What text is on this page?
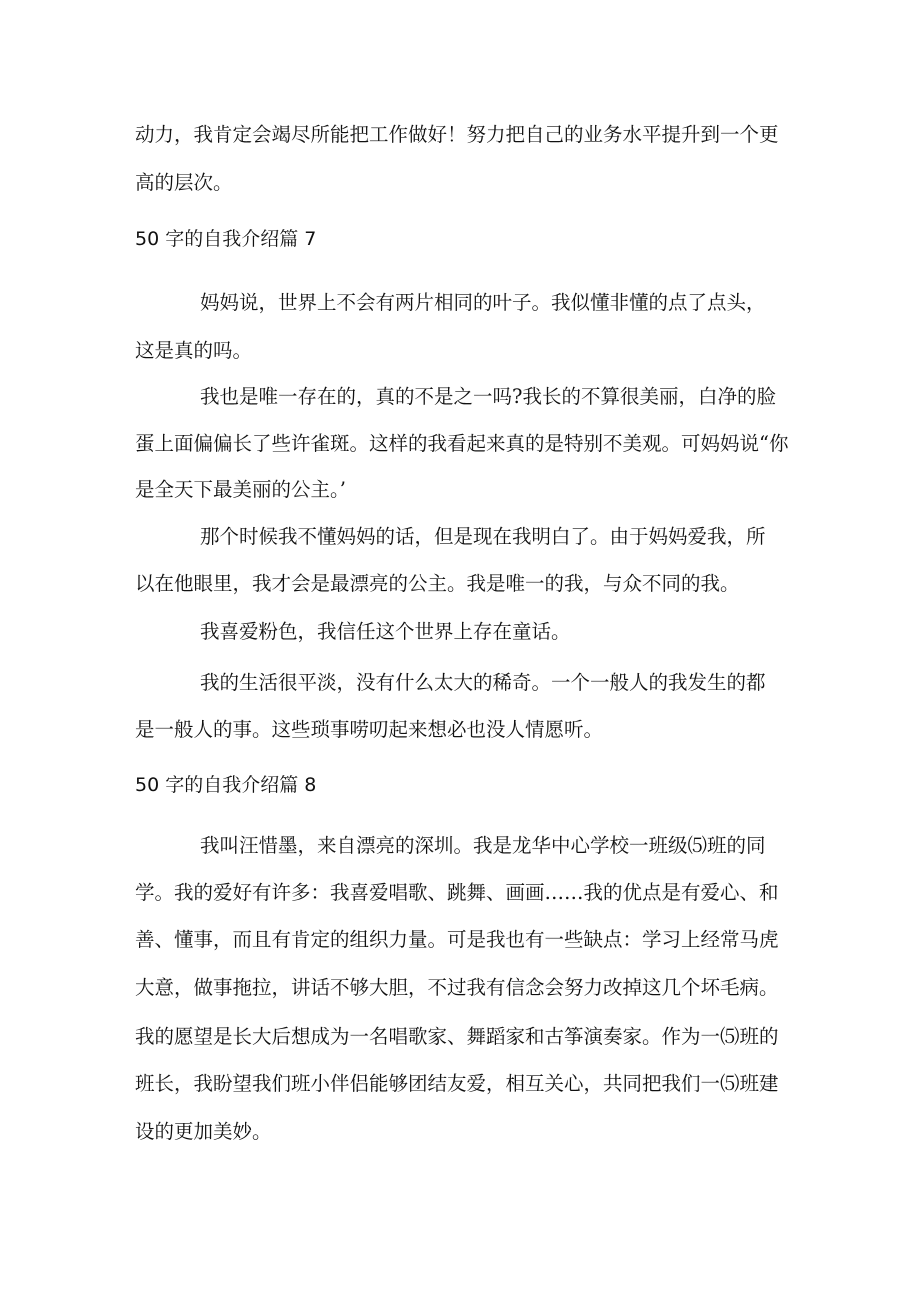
动力，我肯定会竭尽所能把工作做好！努力把自己的业务水平提升到一个更
高的层次。
50 字的自我介绍篇 7
妈妈说，世界上不会有两片相同的叶子。我似懂非懂的点了点头，
这是真的吗。
我也是唯一存在的，真的不是之一吗?我长的不算很美丽，白净的脸
蛋上面偏偏长了些许雀斑。这样的我看起来真的是特别不美观。可妈妈说“你
是全天下最美丽的公主。’
那个时候我不懂妈妈的话，但是现在我明白了。由于妈妈爱我，所
以在他眼里，我才会是最漂亮的公主。我是唯一的我，与众不同的我。
我喜爱粉色，我信任这个世界上存在童话。
我的生活很平淡，没有什么太大的稀奇。一个一般人的我发生的都
是一般人的事。这些琐事唠叨起来想必也没人情愿听。
50 字的自我介绍篇 8
我叫汪惜墨，来自漂亮的深圳。我是龙华中心学校一班级⑸班的同
学。我的爱好有许多：我喜爱唱歌、跳舞、画画……我的优点是有爱心、和
善、懂事，而且有肯定的组织力量。可是我也有一些缺点：学习上经常马虎
大意，做事拖拉，讲话不够大胆，不过我有信念会努力改掉这几个坏毛病。
我的愿望是长大后想成为一名唱歌家、舞蹈家和古筝演奏家。作为一⑸班的
班长，我盼望我们班小伴侣能够团结友爱，相互关心，共同把我们一⑸班建
设的更加美妙。
